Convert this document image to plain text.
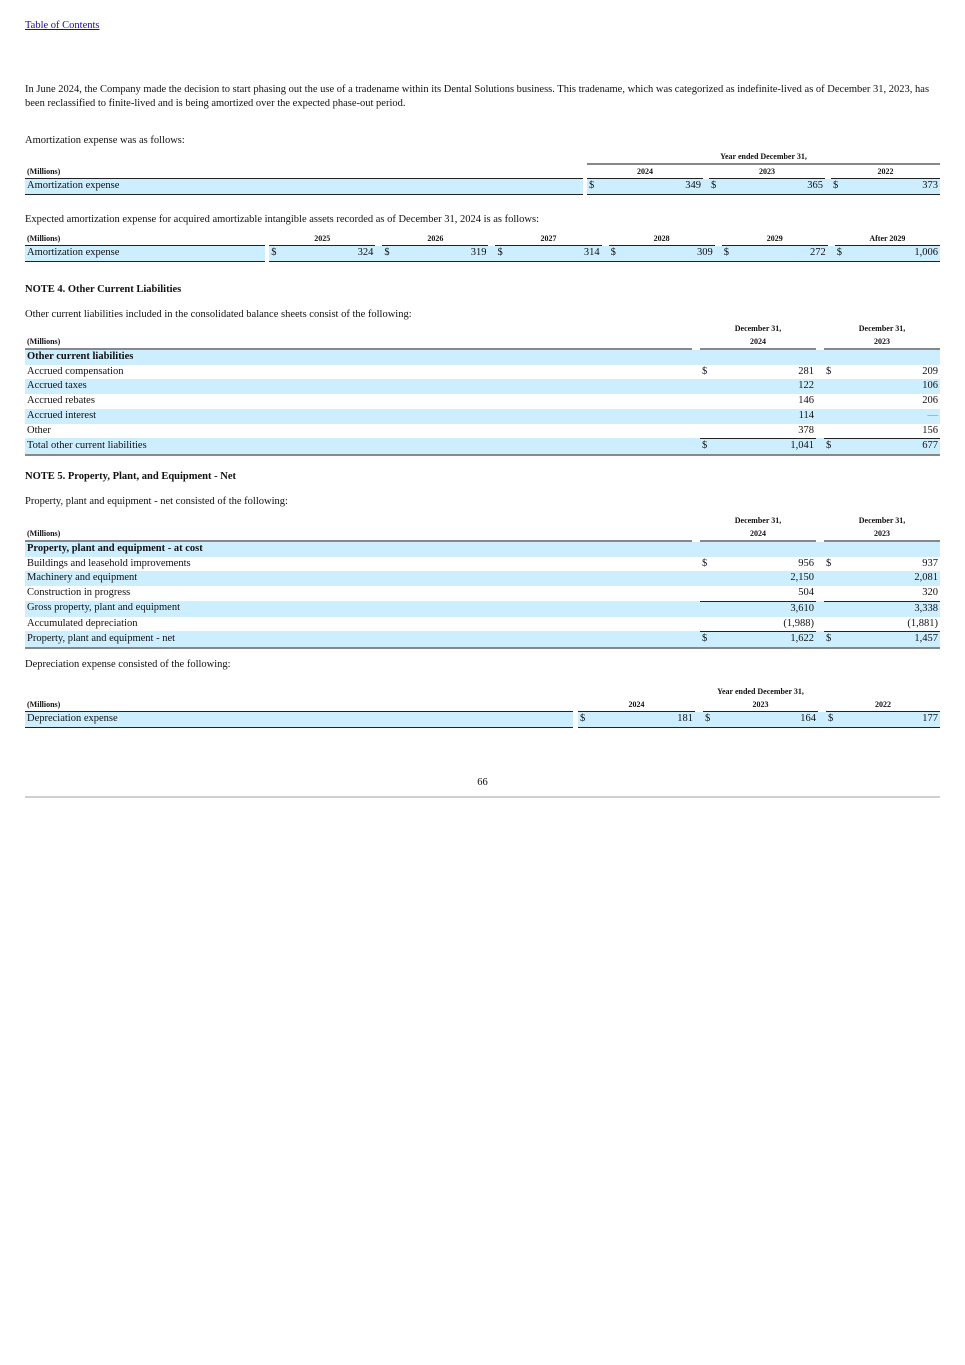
Table of Contents
In June 2024, the Company made the decision to start phasing out the use of a tradename within its Dental Solutions business. This tradename, which was categorized as indefinite-lived as of December 31, 2023, has been reclassified to finite-lived and is being amortized over the expected phase-out period.
Amortization expense was as follows:
		Year ended December 31,							
(Millions)		2024			2023			2022	
Amortization expense		$	349		$	365		$	373
Expected amortization expense for acquired amortizable intangible assets recorded as of December 31, 2024 is as follows:
(Millions)		2025			2026			2027			2028			2029			After 2029	
Amortization expense		$	324		$	319		$	314		$	309		$	272		$	1,006
NOTE 4. Other Current Liabilities
Other current liabilities included in the consolidated balance sheets consist of the following:
		December 31,			December 31,	
(Millions)		2024			2023	
Other current liabilities						
Accrued compensation		$	281		$	209
Accrued taxes			122			106
Accrued rebates			146			206
Accrued interest			114			—
Other			378			156
Total other current liabilities		$	1,041		$	677
NOTE 5. Property, Plant, and Equipment - Net
Property, plant and equipment - net consisted of the following:
		December 31,			December 31,	
(Millions)		2024			2023	
Property, plant and equipment - at cost						
Buildings and leasehold improvements		$	956		$	937
Machinery and equipment			2,150			2,081
Construction in progress			504			320
Gross property, plant and equipment			3,610			3,338
Accumulated depreciation			(1,988)			(1,881)
Property, plant and equipment - net		$	1,622		$	1,457
Depreciation expense consisted of the following:
					Year ended December 31,				
(Millions)		2024			2023			2022	
Depreciation expense		$	181		$	164		$	177
66
